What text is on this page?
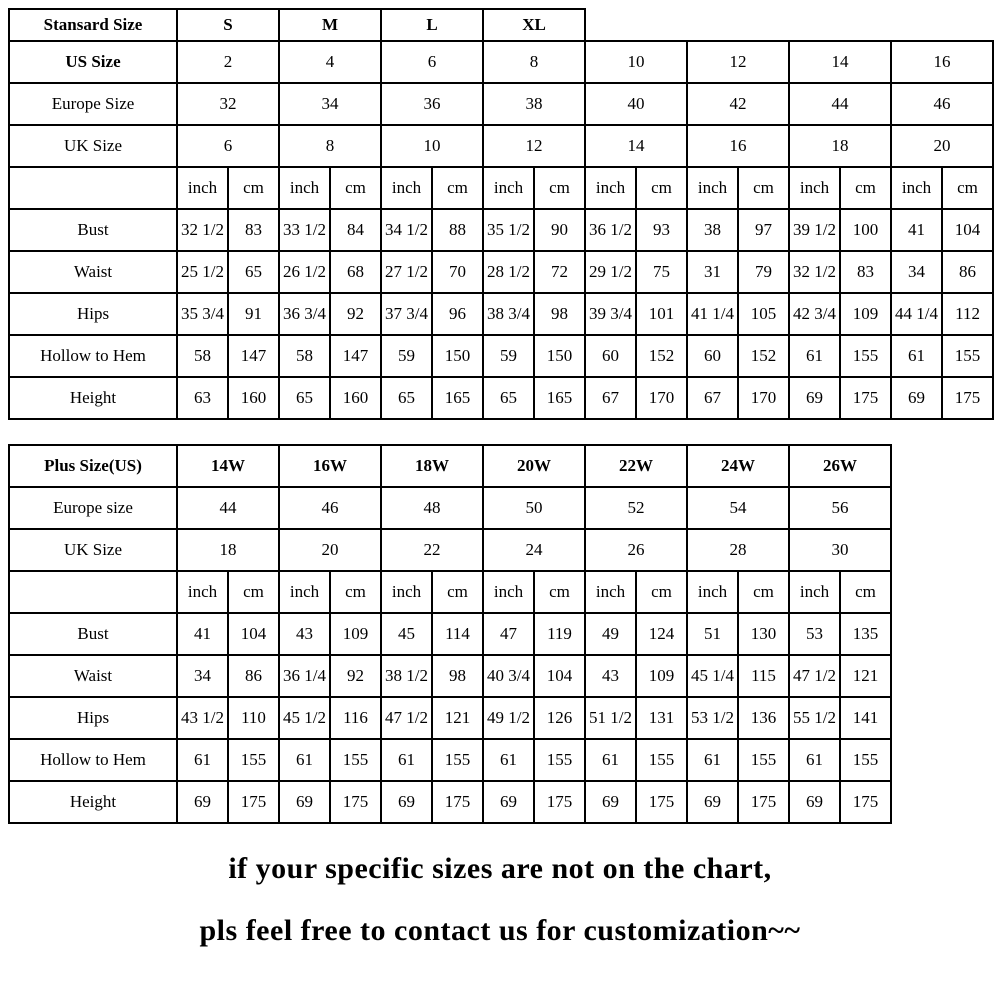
Stansard Size	S		M		L		XL									
US Size	2		4		6		8		10		12		14		16	
Europe Size	32		34		36		38		40		42		44		46	
UK Size	6		8		10		12		14		16		18		20	
	inch	cm	inch	cm	inch	cm	inch	cm	inch	cm	inch	cm	inch	cm	inch	cm
Bust	32 1/2	83	33 1/2	84	34 1/2	88	35 1/2	90	36 1/2	93	38	97	39 1/2	100	41	104
Waist	25 1/2	65	26 1/2	68	27 1/2	70	28 1/2	72	29 1/2	75	31	79	32 1/2	83	34	86
Hips	35 3/4	91	36 3/4	92	37 3/4	96	38 3/4	98	39 3/4	101	41 1/4	105	42 3/4	109	44 1/4	112
Hollow to Hem	58	147	58	147	59	150	59	150	60	152	60	152	61	155	61	155
Height	63	160	65	160	65	165	65	165	67	170	67	170	69	175	69	175
Plus Size(US)	14W		16W		18W		20W		22W		24W		26W	
Europe size	44		46		48		50		52		54		56	
UK Size	18		20		22		24		26		28		30	
	inch	cm	inch	cm	inch	cm	inch	cm	inch	cm	inch	cm	inch	cm
Bust	41	104	43	109	45	114	47	119	49	124	51	130	53	135
Waist	34	86	36 1/4	92	38 1/2	98	40 3/4	104	43	109	45 1/4	115	47 1/2	121
Hips	43 1/2	110	45 1/2	116	47 1/2	121	49 1/2	126	51 1/2	131	53 1/2	136	55 1/2	141
Hollow to Hem	61	155	61	155	61	155	61	155	61	155	61	155	61	155
Height	69	175	69	175	69	175	69	175	69	175	69	175	69	175

if your specific sizes are not on the chart,

pls feel free to contact us for customization~~
